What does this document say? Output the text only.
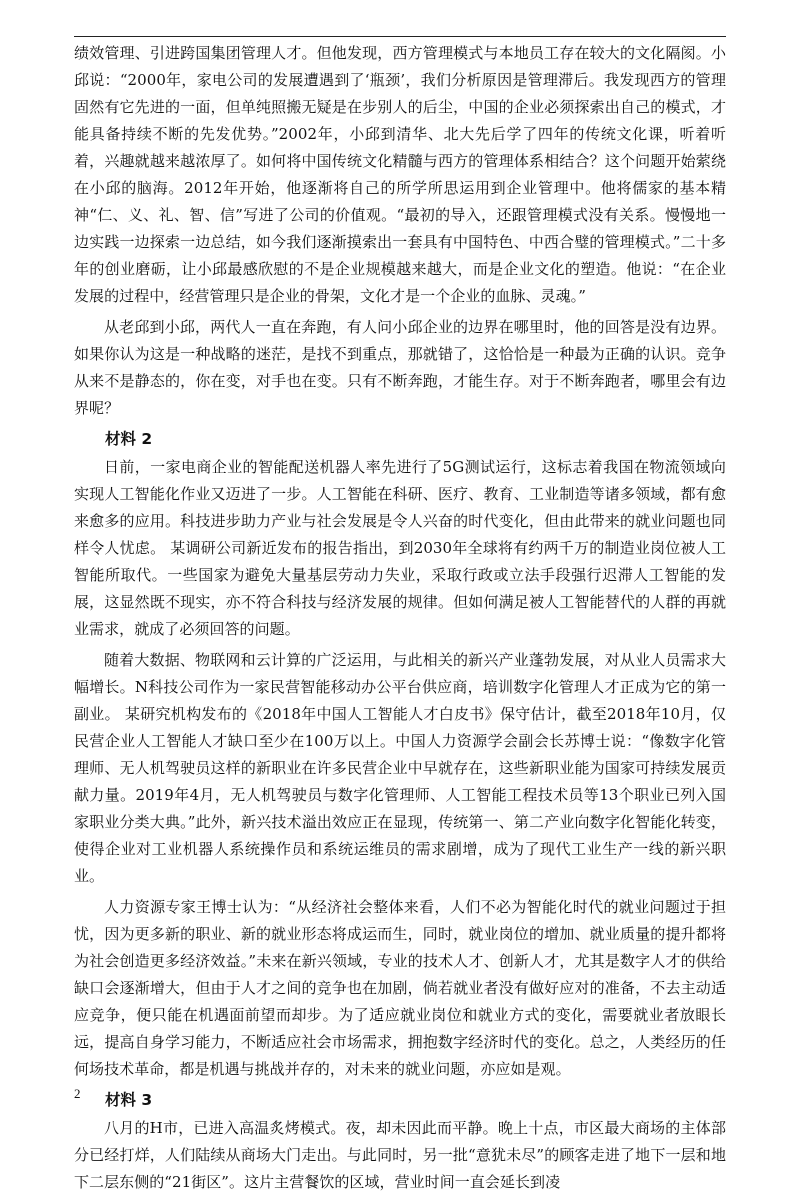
绩效管理、引进跨国集团管理人才。但他发现，西方管理模式与本地员工存在较大的文化隔阂。小邱说：“2000年，家电公司的发展遭遇到了‘瓶颈’，我们分析原因是管理滞后。我发现西方的管理固然有它先进的一面，但单纯照搬无疑是在步别人的后尘，中国的企业必须探索出自己的模式，才能具备持续不断的先发优势。”2002年，小邱到清华、北大先后学了四年的传统文化课，听着听着，兴趣就越来越浓厚了。如何将中国传统文化精髓与西方的管理体系相结合？这个问题开始萦绕在小邱的脑海。2012年开始，他逐渐将自己的所学所思运用到企业管理中。他将儒家的基本精神“仁、义、礼、智、信”写进了公司的价值观。“最初的导入，还跟管理模式没有关系。慢慢地一边实践一边探索一边总结，如今我们逐渐摸索出一套具有中国特色、中西合璧的管理模式。”二十多年的创业磨砺，让小邱最感欣慰的不是企业规模越来越大，而是企业文化的塑造。他说：“在企业发展的过程中，经营管理只是企业的骨架，文化才是一个企业的血脉、灵魂。”

从老邱到小邱，两代人一直在奔跑，有人问小邱企业的边界在哪里时，他的回答是没有边界。如果你认为这是一种战略的迷茫，是找不到重点，那就错了，这恰恰是一种最为正确的认识。竞争从来不是静态的，你在变，对手也在变。只有不断奔跑，才能生存。对于不断奔跑者，哪里会有边界呢？

材料 2

日前，一家电商企业的智能配送机器人率先进行了5G测试运行，这标志着我国在物流领域向实现人工智能化作业又迈进了一步。人工智能在科研、医疗、教育、工业制造等诸多领域，都有愈来愈多的应用。科技进步助力产业与社会发展是令人兴奋的时代变化，但由此带来的就业问题也同样令人忧虑。 某调研公司新近发布的报告指出，到2030年全球将有约两千万的制造业岗位被人工智能所取代。一些国家为避免大量基层劳动力失业，采取行政或立法手段强行迟滞人工智能的发展，这显然既不现实，亦不符合科技与经济发展的规律。但如何满足被人工智能替代的人群的再就业需求，就成了必须回答的问题。

随着大数据、物联网和云计算的广泛运用，与此相关的新兴产业蓬勃发展，对从业人员需求大幅增长。N科技公司作为一家民营智能移动办公平台供应商，培训数字化管理人才正成为它的第一副业。 某研究机构发布的《2018年中国人工智能人才白皮书》保守估计，截至2018年10月，仅民营企业人工智能人才缺口至少在100万以上。中国人力资源学会副会长苏博士说：“像数字化管理师、无人机驾驶员这样的新职业在许多民营企业中早就存在，这些新职业能为国家可持续发展贡献力量。2019年4月，无人机驾驶员与数字化管理师、人工智能工程技术员等13个职业已列入国家职业分类大典。”此外，新兴技术溢出效应正在显现，传统第一、第二产业向数字化智能化转变，使得企业对工业机器人系统操作员和系统运维员的需求剧增，成为了现代工业生产一线的新兴职业。

人力资源专家王博士认为：“从经济社会整体来看，人们不必为智能化时代的就业问题过于担忧，因为更多新的职业、新的就业形态将成运而生，同时，就业岗位的增加、就业质量的提升都将为社会创造更多经济效益。”未来在新兴领域，专业的技术人才、创新人才，尤其是数字人才的供给缺口会逐渐增大，但由于人才之间的竞争也在加剧，倘若就业者没有做好应对的准备，不去主动适应竞争，便只能在机遇面前望而却步。为了适应就业岗位和就业方式的变化，需要就业者放眼长远，提高自身学习能力，不断适应社会市场需求，拥抱数字经济时代的变化。总之，人类经历的任何场技术革命，都是机遇与挑战并存的，对未来的就业问题，亦应如是观。

材料 3

八月的H市，已进入高温炙烤模式。夜，却未因此而平静。晚上十点，市区最大商场的主体部分已经打烊，人们陆续从商场大门走出。与此同时，另一批“意犹未尽”的顾客走进了地下一层和地下二层东侧的“21街区”。这片主营餐饮的区域，营业时间一直会延长到凌

2
